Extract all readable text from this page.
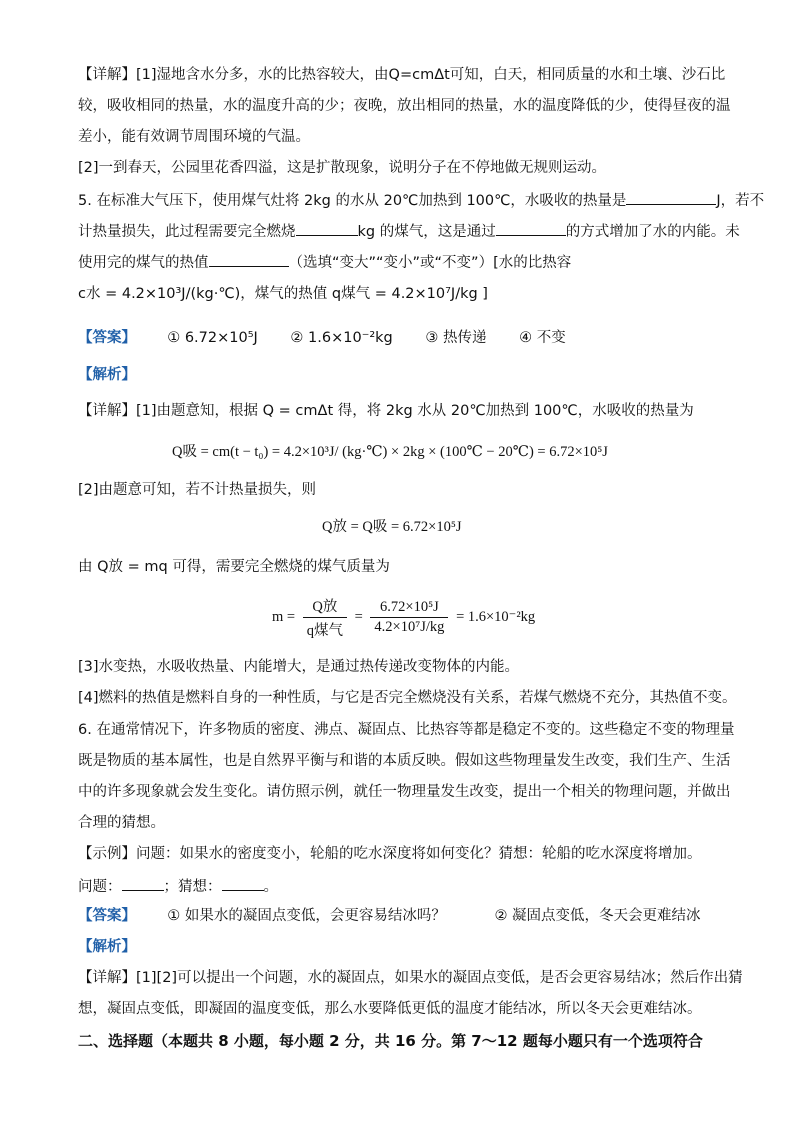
【详解】[1]湿地含水分多，水的比热容较大，由Q=cmΔt可知，白天，相同质量的水和土壤、沙石比
较，吸收相同的热量，水的温度升高的少；夜晚，放出相同的热量，水的温度降低的少，使得昼夜的温
差小，能有效调节周围环境的气温。
[2]一到春天，公园里花香四溢，这是扩散现象，说明分子在不停地做无规则运动。
5. 在标准大气压下，使用煤气灶将 2kg 的水从 20℃加热到 100℃，水吸收的热量是	J，若不
计热量损失，此过程需要完全燃烧	kg 的煤气，这是通过	的方式增加了水的内能。未
使用完的煤气的热值	（选填“变大”“变小”或“不变”）[水的比热容
c水 = 4.2×10³J/(kg·℃)，煤气的热值 q煤气 = 4.2×10⁷J/kg ]
【答案】 ① 6.72×10⁵J ② 1.6×10⁻²kg ③ 热传递 ④ 不变
【解析】
【详解】[1]由题意知，根据 Q = cmΔt 得，将 2kg 水从 20℃加热到 100℃，水吸收的热量为
Q吸 = cm(t − t₀) = 4.2×10³J/ (kg·℃) × 2kg × (100℃ − 20℃) = 6.72×10⁵J
[2]由题意可知，若不计热量损失，则
Q放 = Q吸 = 6.72×10⁵J
由 Q放 = mq 可得，需要完全燃烧的煤气质量为
$m = \frac{\text{Q放}}{\text{q煤气}} = \frac{\text{6.72×10⁵J}}{\text{4.2×10⁷J/kg}} = 1.6\times 10^{-2}kg$
[3]水变热，水吸收热量、内能增大，是通过热传递改变物体的内能。
[4]燃料的热值是燃料自身的一种性质，与它是否完全燃烧没有关系，若煤气燃烧不充分，其热值不变。
6. 在通常情况下，许多物质的密度、沸点、凝固点、比热容等都是稳定不变的。这些稳定不变的物理量
既是物质的基本属性，也是自然界平衡与和谐的本质反映。假如这些物理量发生改变，我们生产、生活
中的许多现象就会发生变化。请仿照示例，就任一物理量发生改变，提出一个相关的物理问题，并做出
合理的猜想。
【示例】问题：如果水的密度变小，轮船的吃水深度将如何变化？猜想：轮船的吃水深度将增加。
问题：	；猜想：	。
【答案】 ① 如果水的凝固点变低，会更容易结冰吗？	② 凝固点变低，冬天会更难结冰
【解析】
【详解】[1][2]可以提出一个问题，水的凝固点，如果水的凝固点变低，是否会更容易结冰；然后作出猜
想，凝固点变低，即凝固的温度变低，那么水要降低更低的温度才能结冰，所以冬天会更难结冰。
二、选择题（本题共 8 小题，每小题 2 分，共 16 分。第 7～12 题每小题只有一个选项符合
